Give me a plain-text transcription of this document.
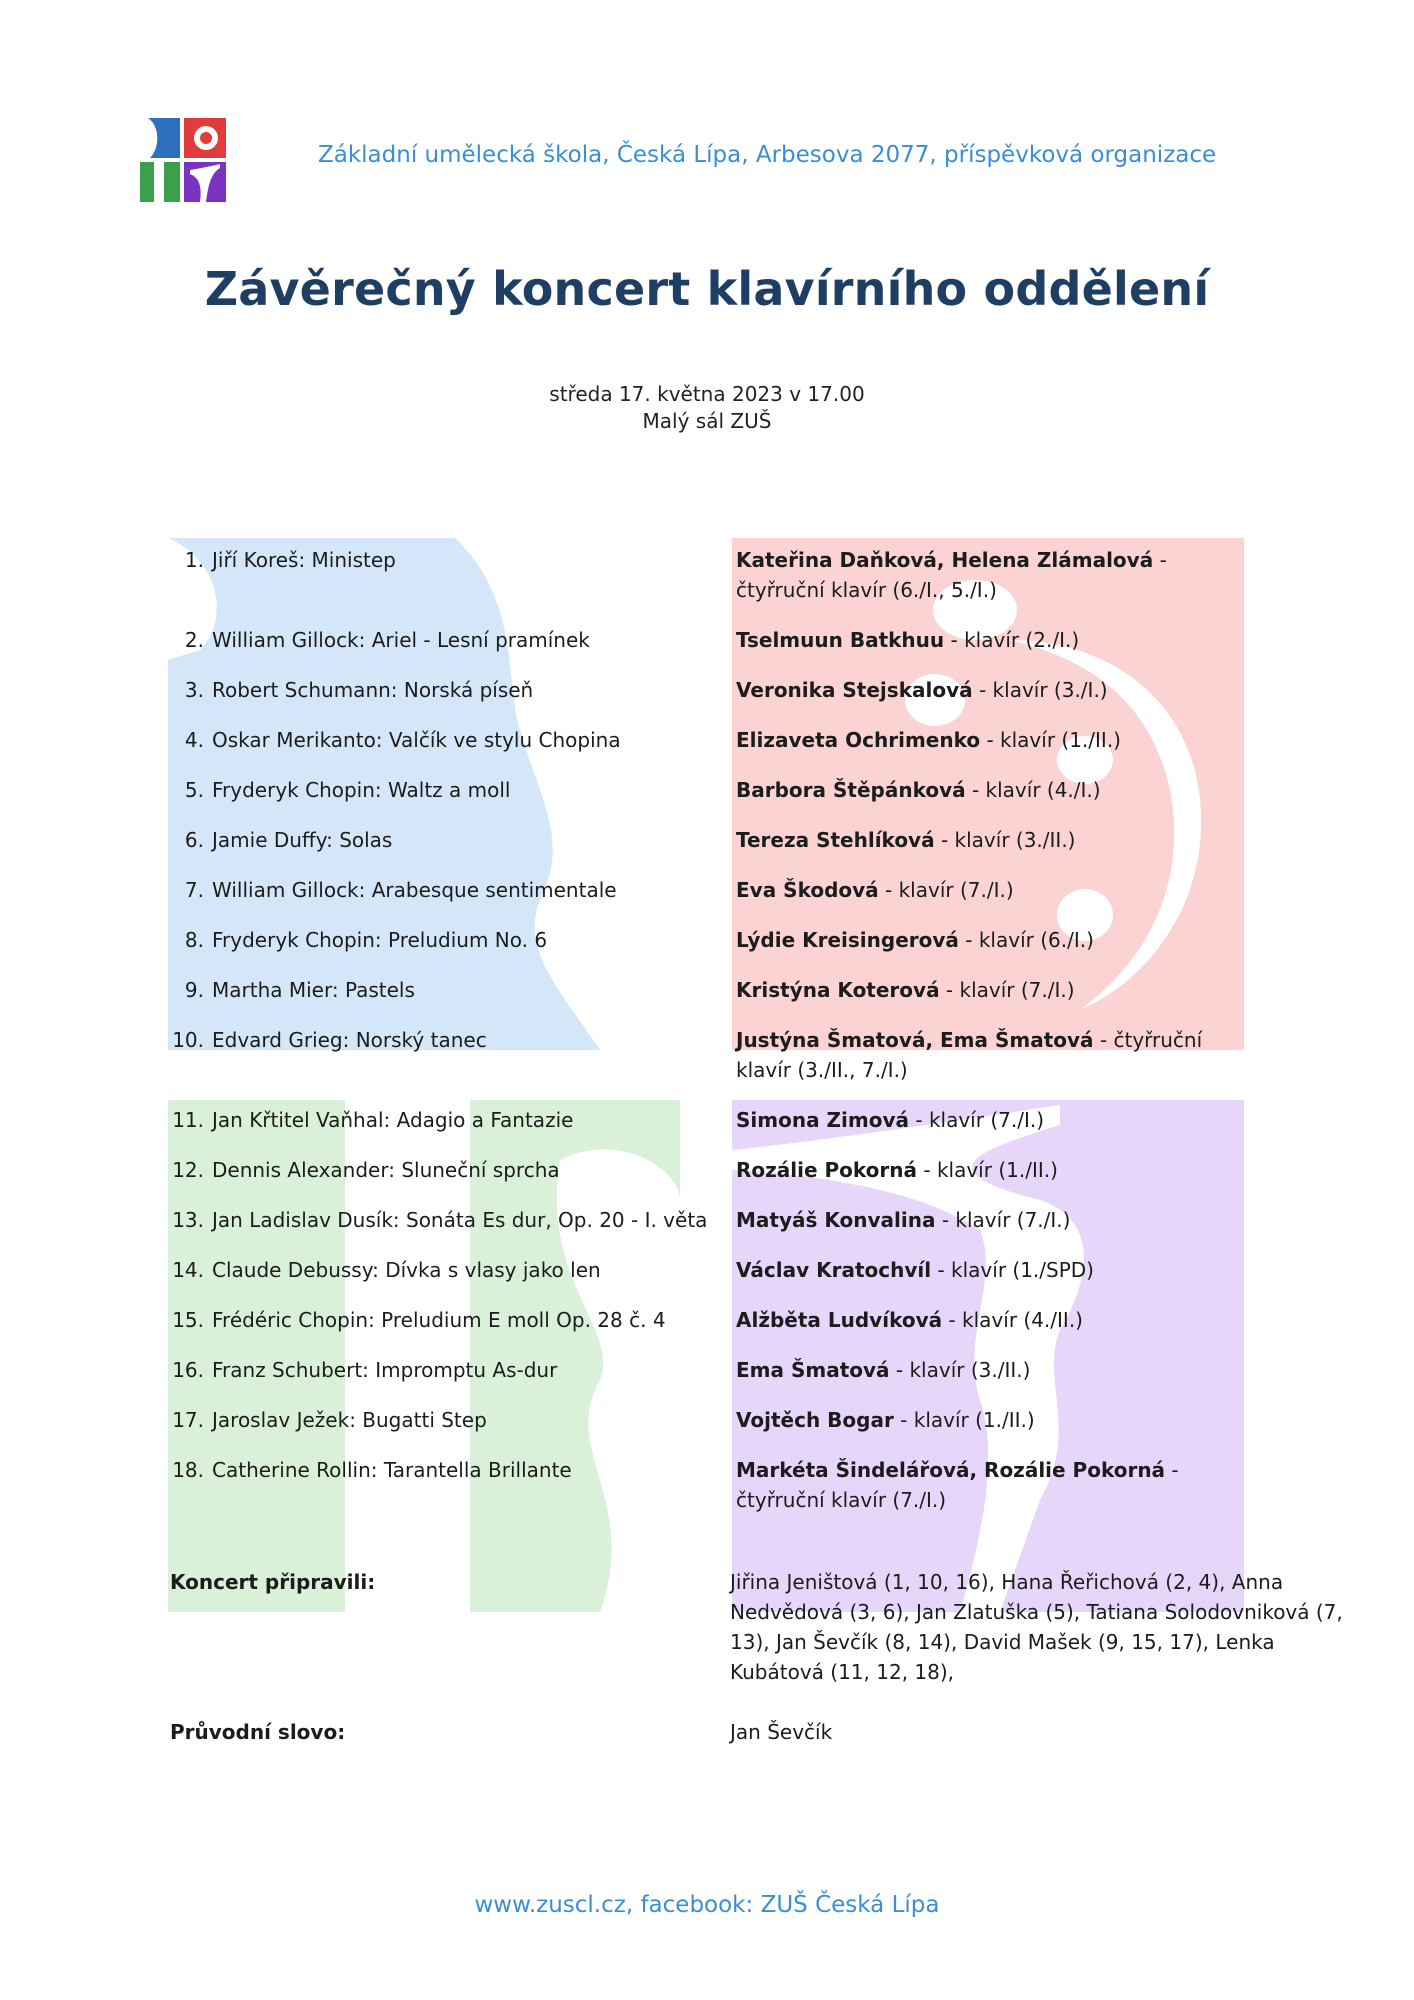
Základní umělecká škola, Česká Lípa, Arbesova 2077, příspěvková organizace
Závěrečný koncert klavírního oddělení
středa 17. května 2023 v 17.00
Malý sál ZUŠ
1. Jiří Koreš: Ministep	Kateřina Daňková, Helena Zlámalová - čtyřruční klavír (6./I., 5./I.)
2. William Gillock: Ariel - Lesní pramínek	Tselmuun Batkhuu - klavír (2./I.)
3. Robert Schumann: Norská píseň	Veronika Stejskalová - klavír (3./I.)
4. Oskar Merikanto: Valčík ve stylu Chopina	Elizaveta Ochrimenko - klavír (1./II.)
5. Fryderyk Chopin: Waltz a moll	Barbora Štěpánková - klavír (4./I.)
6. Jamie Duffy: Solas	Tereza Stehlíková - klavír (3./II.)
7. William Gillock: Arabesque sentimentale	Eva Škodová - klavír (7./I.)
8. Fryderyk Chopin: Preludium No. 6	Lýdie Kreisingerová - klavír (6./I.)
9. Martha Mier: Pastels	Kristýna Koterová - klavír (7./I.)
10. Edvard Grieg: Norský tanec	Justýna Šmatová, Ema Šmatová - čtyřruční klavír (3./II., 7./I.)
11. Jan Křtitel Vaňhal: Adagio a Fantazie	Simona Zimová - klavír (7./I.)
12. Dennis Alexander: Sluneční sprcha	Rozálie Pokorná - klavír (1./II.)
13. Jan Ladislav Dusík: Sonáta Es dur, Op. 20 - I. věta	Matyáš Konvalina - klavír (7./I.)
14. Claude Debussy: Dívka s vlasy jako len	Václav Kratochvíl - klavír (1./SPD)
15. Frédéric Chopin: Preludium E moll Op. 28 č. 4	Alžběta Ludvíková - klavír (4./II.)
16. Franz Schubert: Impromptu As-dur	Ema Šmatová - klavír (3./II.)
17. Jaroslav Ježek: Bugatti Step	Vojtěch Bogar - klavír (1./II.)
18. Catherine Rollin: Tarantella Brillante	Markéta Šindelářová, Rozálie Pokorná - čtyřruční klavír (7./I.)
Koncert připravili:	Jiřina Jeništová (1, 10, 16), Hana Řeřichová (2, 4), Anna Nedvědová (3, 6), Jan Zlatuška (5), Tatiana Solodovniková (7, 13), Jan Ševčík (8, 14), David Mašek (9, 15, 17), Lenka Kubátová (11, 12, 18),
Průvodní slovo:	Jan Ševčík
www.zuscl.cz, facebook: ZUŠ Česká Lípa
